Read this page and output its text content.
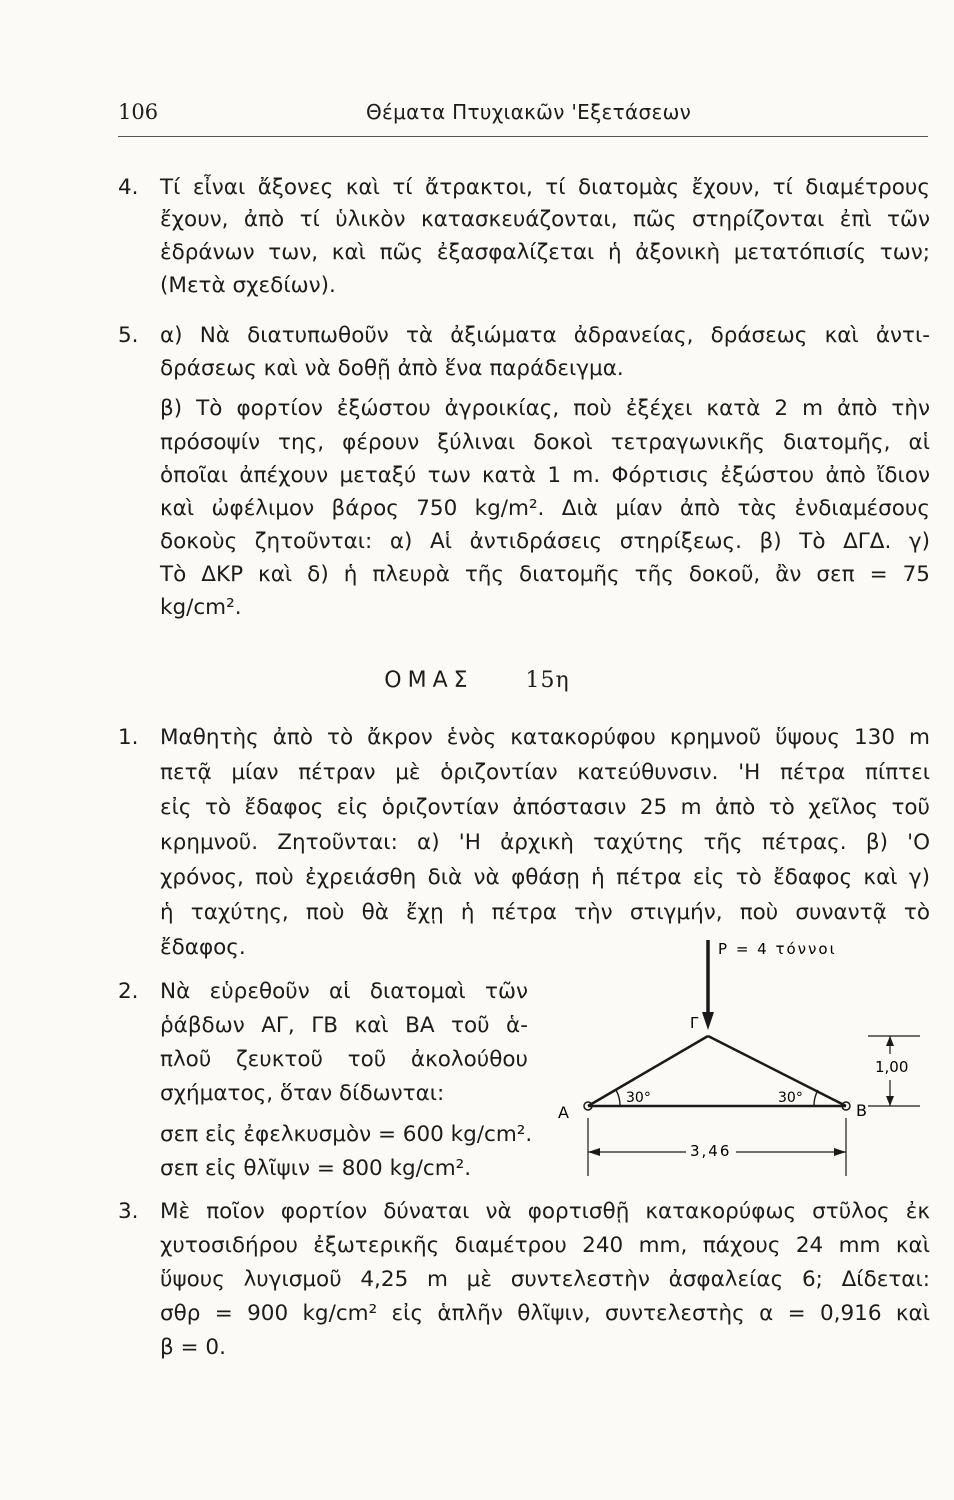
106	Θέματα Πτυχιακῶν 'Εξετάσεων
4. Τί εἶναι ἄξονες καὶ τί ἄτρακτοι, τί διατομὰς ἔχουν, τί διαμέτρους
ἔχουν, ἀπὸ τί ὑλικὸν κατασκευάζονται, πῶς στηρίζονται ἐπὶ τῶν
ἑδράνων των, καὶ πῶς ἐξασφαλίζεται ἡ ἀξονικὴ μετατόπισίς των;
(Μετὰ σχεδίων).
5. α) Νὰ διατυπωθοῦν τὰ ἀξιώματα ἀδρανείας, δράσεως καὶ ἀντι-
δράσεως καὶ νὰ δοθῇ ἀπὸ ἕνα παράδειγμα.
β) Τὸ φορτίον ἐξώστου ἀγροικίας, ποὺ ἐξέχει κατὰ 2 m ἀπὸ τὴν
πρόσοψίν της, φέρουν ξύλιναι δοκοὶ τετραγωνικῆς διατομῆς, αἱ
ὁποῖαι ἀπέχουν μεταξύ των κατὰ 1 m. Φόρτισις ἐξώστου ἀπὸ ἴδιον
καὶ ὠφέλιμον βάρος 750 kg/m². Διὰ μίαν ἀπὸ τὰς ἐνδιαμέσους
δοκοὺς ζητοῦνται: α) Αἱ ἀντιδράσεις στηρίξεως. β) Τὸ ΔΓΔ. γ)
Τὸ ΔΚΡ καὶ δ) ἡ πλευρὰ τῆς διατομῆς τῆς δοκοῦ, ἂν σεπ = 75
kg/cm².
ΟΜΑΣ 15η
1. Μαθητὴς ἀπὸ τὸ ἄκρον ἑνὸς κατακορύφου κρημνοῦ ὕψους 130 m
πετᾷ μίαν πέτραν μὲ ὁριζοντίαν κατεύθυνσιν. 'Η πέτρα πίπτει
εἰς τὸ ἔδαφος εἰς ὁριζοντίαν ἀπόστασιν 25 m ἀπὸ τὸ χεῖλος τοῦ
κρημνοῦ. Ζητοῦνται: α) 'Η ἀρχικὴ ταχύτης τῆς πέτρας. β) 'Ο
χρόνος, ποὺ ἐχρειάσθη διὰ νὰ φθάσῃ ἡ πέτρα εἰς τὸ ἔδαφος καὶ γ)
ἡ ταχύτης, ποὺ θὰ ἔχῃ ἡ πέτρα τὴν στιγμήν, ποὺ συναντᾷ τὸ
ἔδαφος.
2. Νὰ εὑρεθοῦν αἱ διατομαὶ τῶν
ῥάβδων ΑΓ, ΓΒ καὶ ΒΑ τοῦ ἁ-
πλοῦ ζευκτοῦ τοῦ ἀκολούθου
σχήματος, ὅταν δίδωνται:
σεπ εἰς ἐφελκυσμὸν = 600 kg/cm².
σεπ εἰς θλῖψιν = 800 kg/cm².
P = 4 τόννοι
Γ
Α	Β
30°	30°
1,00
3,46
3. Μὲ ποῖον φορτίον δύναται νὰ φορτισθῇ κατακορύφως στῦλος ἐκ
χυτοσιδήρου ἐξωτερικῆς διαμέτρου 240 mm, πάχους 24 mm καὶ
ὕψους λυγισμοῦ 4,25 m μὲ συντελεστὴν ἀσφαλείας 6; Δίδεται:
σθρ = 900 kg/cm² εἰς ἁπλῆν θλῖψιν, συντελεστὴς α = 0,916 καὶ
β = 0.
